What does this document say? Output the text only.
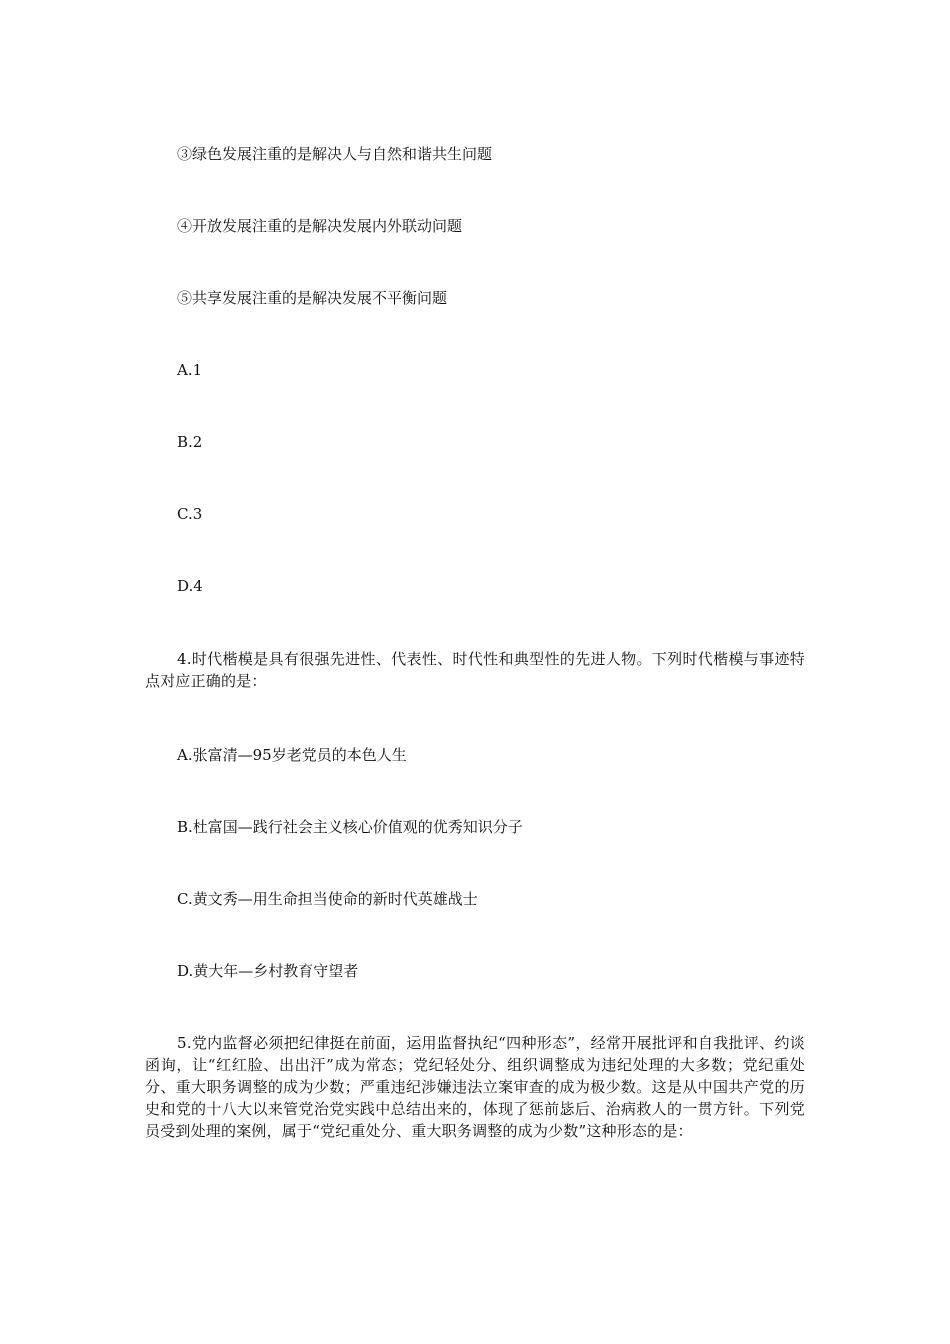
③绿色发展注重的是解决人与自然和谐共生问题
④开放发展注重的是解决发展内外联动问题
⑤共享发展注重的是解决发展不平衡问题
A.1
B.2
C.3
D.4
4.时代楷模是具有很强先进性、代表性、时代性和典型性的先进人物。下列时代楷模与事迹特点对应正确的是：
A.张富清—95岁老党员的本色人生
B.杜富国—践行社会主义核心价值观的优秀知识分子
C.黄文秀—用生命担当使命的新时代英雄战士
D.黄大年—乡村教育守望者
5.党内监督必须把纪律挺在前面，运用监督执纪“四种形态”，经常开展批评和自我批评、约谈函询，让“红红脸、出出汗”成为常态；党纪轻处分、组织调整成为违纪处理的大多数；党纪重处分、重大职务调整的成为少数；严重违纪涉嫌违法立案审查的成为极少数。这是从中国共产党的历史和党的十八大以来管党治党实践中总结出来的，体现了惩前毖后、治病救人的一贯方针。下列党员受到处理的案例，属于“党纪重处分、重大职务调整的成为少数”这种形态的是：
